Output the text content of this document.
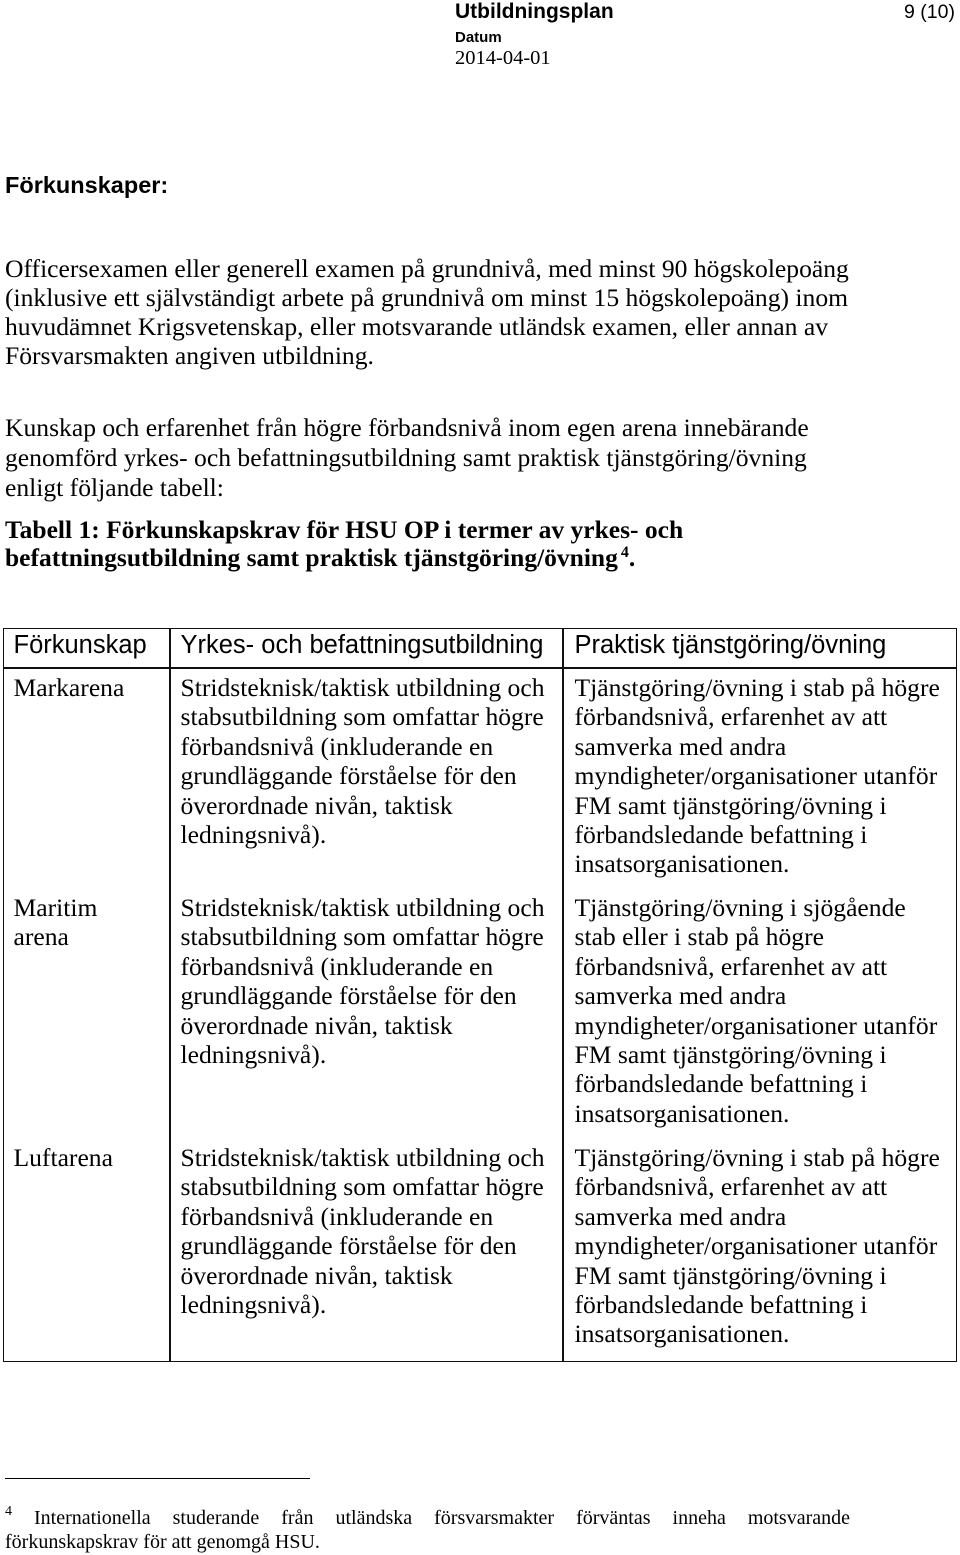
Utbildningsplan	9 (10)
Datum
2014-04-01
Förkunskaper:
Officersexamen eller generell examen på grundnivå, med minst 90 högskolepoäng
(inklusive ett självständigt arbete på grundnivå om minst 15 högskolepoäng) inom
huvudämnet Krigsvetenskap, eller motsvarande utländsk examen, eller annan av
Försvarsmakten angiven utbildning.
Kunskap och erfarenhet från högre förbandsnivå inom egen arena innebärande
genomförd yrkes- och befattningsutbildning samt praktisk tjänstgöring/övning
enligt följande tabell:
Tabell 1: Förkunskapskrav för HSU OP i termer av yrkes- och
befattningsutbildning samt praktisk tjänstgöring/övning $^4$.
Förkunskap Yrkes- och befattningsutbildning Praktisk tjänstgöring/övning
Markarena Stridsteknisk/taktisk utbildning och
stabsutbildning som omfattar högre
förbandsnivå (inkluderande en
grundläggande förståelse för den
överordnade nivån, taktisk
ledningsnivå).
Tjänstgöring/övning i stab på högre
förbandsnivå, erfarenhet av att
samverka med andra
myndigheter/organisationer utanför
FM samt tjänstgöring/övning i
förbandsledande befattning i
insatsorganisationen.
Maritim
arena
Stridsteknisk/taktisk utbildning och
stabsutbildning som omfattar högre
förbandsnivå (inkluderande en
grundläggande förståelse för den
överordnade nivån, taktisk
ledningsnivå).
Tjänstgöring/övning i sjögående
stab eller i stab på högre
förbandsnivå, erfarenhet av att
samverka med andra
myndigheter/organisationer utanför
FM samt tjänstgöring/övning i
förbandsledande befattning i
insatsorganisationen.
Luftarena	Stridsteknisk/taktisk utbildning och
stabsutbildning som omfattar högre
förbandsnivå (inkluderande en
grundläggande förståelse för den
överordnade nivån, taktisk
ledningsnivå).
Tjänstgöring/övning i stab på högre
förbandsnivå, erfarenhet av att
samverka med andra
myndigheter/organisationer utanför
FM samt tjänstgöring/övning i
förbandsledande befattning i
insatsorganisationen.
$^4$ Internationella studerande från utländska försvarsmakter förväntas inneha motsvarande
förkunskapskrav för att genomgå HSU.
